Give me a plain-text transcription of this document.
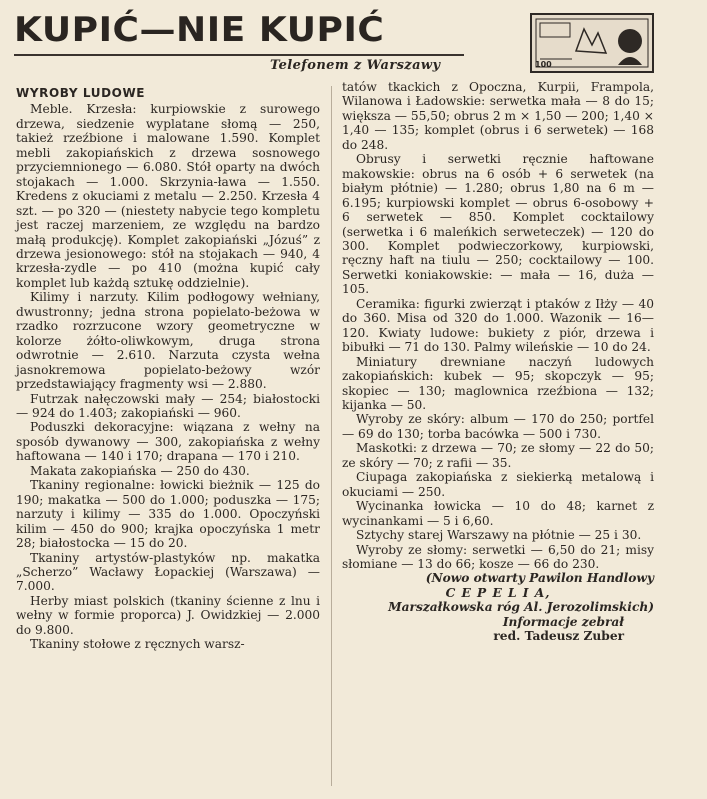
KUPIĆ—NIE KUPIĆ
Telefonem z Warszawy	100

WYROBY LUDOWE

Meble. Krzesła: kurpiowskie z surowego drzewa, siedzenie wyplatane słomą — 250, takież rzeźbione i malowane 1.590. Komplet mebli zakopiańskich z drzewa sosnowego przyciemnionego — 6.080. Stół oparty na dwóch stojakach — 1.000. Skrzynia-ława — 1.550. Kredens z okuciami z metalu — 2.250. Krzesła 4 szt. — po 320 — (niestety nabycie tego kompletu jest raczej marzeniem, ze względu na bardzo małą produkcję). Komplet zakopiański „Józuś” z drzewa jesionowego: stół na stojakach — 940, 4 krzesła-zydle — po 410 (można kupić cały komplet lub każdą sztukę oddzielnie).

Kilimy i narzuty. Kilim podłogowy wełniany, dwustronny; jedna strona popielato-beżowa w rzadko rozrzucone wzory geometryczne w kolorze żółto-oliwkowym, druga strona odwrotnie — 2.610. Narzuta czysta wełna jasnokremowa popielato-beżowy wzór przedstawiający fragmenty wsi — 2.880.

Futrzak nałęczowski mały — 254; białostocki — 924 do 1.403; zakopiański — 960.

Poduszki dekoracyjne: wiązana z wełny na sposób dywanowy — 300, zakopiańska z wełny haftowana — 140 i 170; drapana — 170 i 210.

Makata zakopiańska — 250 do 430.

Tkaniny regionalne: łowicki bieżnik — 125 do 190; makatka — 500 do 1.000; poduszka — 175; narzuty i kilimy — 335 do 1.000. Opoczyński kilim — 450 do 900; krajka opoczyńska 1 metr 28; białostocka — 15 do 20.

Tkaniny artystów-plastyków np. makatka „Scherzo” Wacławy Łopackiej (Warszawa) — 7.000.

Herby miast polskich (tkaniny ścienne z lnu i wełny w formie proporca) J. Owidzkiej — 2.000 do 9.800.

Tkaniny stołowe z ręcznych warsz-

tatów tkackich z Opoczna, Kurpii, Frampola, Wilanowa i Ładowskie: serwetka mała — 8 do 15; większa — 55,50; obrus 2 m × 1,50 — 200; 1,40 × 1,40 — 135; komplet (obrus i 6 serwetek) — 168 do 248.

Obrusy i serwetki ręcznie haftowane makowskie: obrus na 6 osób + 6 serwetek (na białym płótnie) — 1.280; obrus 1,80 na 6 m — 6.195; kurpiowski komplet — obrus 6-osobowy + 6 serwetek — 850. Komplet cocktailowy (serwetka i 6 maleńkich serweteczek) — 120 do 300. Komplet podwieczorkowy, kurpiowski, ręczny haft na tiulu — 250; cocktailowy — 100. Serwetki koniakowskie: — mała — 16, duża — 105.

Ceramika: figurki zwierząt i ptaków z Iłży — 40 do 360. Misa od 320 do 1.000. Wazonik — 16—120. Kwiaty ludowe: bukiety z piór, drzewa i bibułki — 71 do 130. Palmy wileńskie — 10 do 24.

Miniatury drewniane naczyń ludowych zakopiańskich: kubek — 95; skopczyk — 95; skopiec — 130; maglownica rzeźbiona — 132; kijanka — 50.

Wyroby ze skóry: album — 170 do 250; portfel — 69 do 130; torba bacówka — 500 i 730.

Maskotki: z drzewa — 70; ze słomy — 22 do 50; ze skóry — 70; z rafii — 35.

Ciupaga zakopiańska z siekierką metalową i okuciami — 250.

Wycinanka łowicka — 10 do 48; karnet z wycinankami — 5 i 6,60.

Sztychy starej Warszawy na płótnie — 25 i 30.

Wyroby ze słomy: serwetki — 6,50 do 21; misy słomiane — 13 do 66; kosze — 66 do 230.

(Nowo otwarty Pawilon Handlowy

C E P E L I A,

Marszałkowska róg Al. Jerozolimskich)

Informacje zebrał

red. Tadeusz Zuber
